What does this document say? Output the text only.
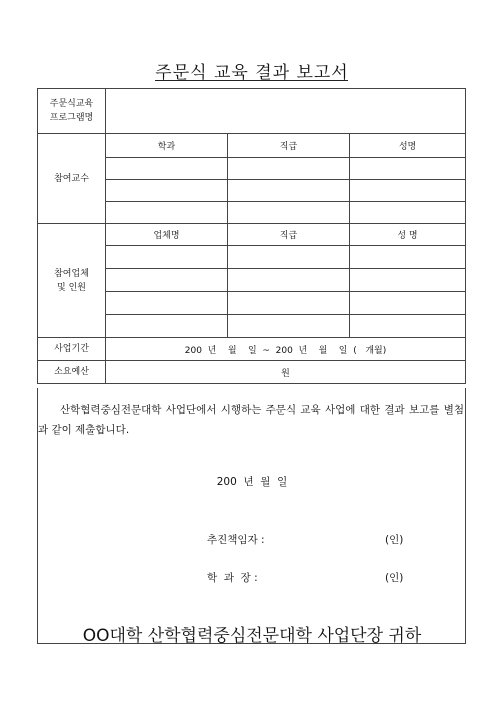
주문식 교육 결과 보고서
주문식교육
프로그램명			

참여교수	학과	직급	성명

참여업체
및 인원	업체명	직급	성 명

사업기간	200  년    월    일  ~  200  년    월    일  (   개월)		
소요예산	원		
산학협력중심전문대학 사업단에서 시행하는 주문식 교육 사업에 대한 결과 보고를 별첨과 같이 제출합니다.
200  년  월  일
추진책임자 :	(인)
학  과  장 :	(인)
OO대학 산학협력중심전문대학 사업단장 귀하
